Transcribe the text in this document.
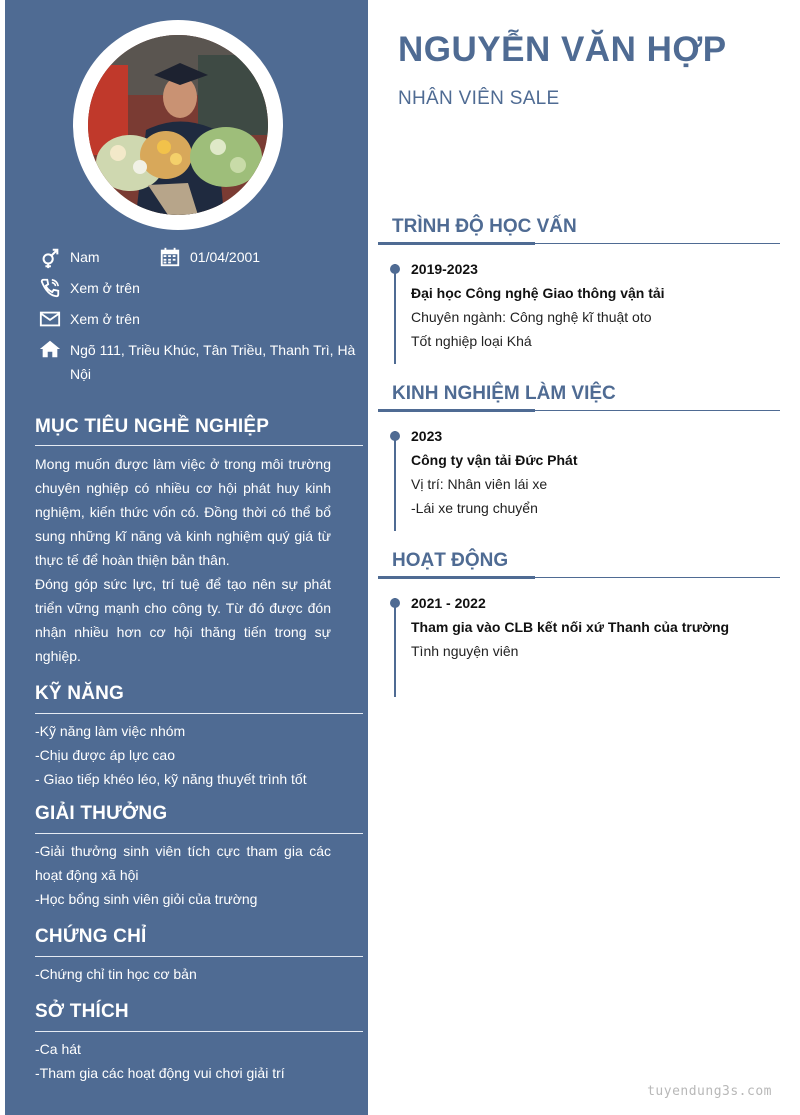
Nam	01/04/2001
Xem ở trên
Xem ở trên
Ngõ 111, Triều Khúc, Tân Triều, Thanh Trì, Hà
Nội
MỤC TIÊU NGHỀ NGHIỆP
Mong muốn được làm việc ở trong môi trường
chuyên nghiệp có nhiều cơ hội phát huy kinh
nghiệm, kiến thức vốn có. Đồng thời có thể bổ
sung những kĩ năng và kinh nghiệm quý giá từ
thực tế để hoàn thiện bản thân.
Đóng góp sức lực, trí tuệ để tạo nên sự phát
triển vững mạnh cho công ty. Từ đó được đón
nhận nhiều hơn cơ hội thăng tiến trong sự
nghiệp.
KỸ NĂNG
-Kỹ năng làm việc nhóm
-Chịu được áp lực cao
- Giao tiếp khéo léo, kỹ năng thuyết trình tốt
GIẢI THƯỞNG
-Giải thưởng sinh viên tích cực tham gia các
hoạt động xã hội
-Học bổng sinh viên giỏi của trường
CHỨNG CHỈ
-Chứng chỉ tin học cơ bản
SỞ THÍCH
-Ca hát
-Tham gia các hoạt động vui chơi giải trí
NGUYỄN VĂN HỢP
NHÂN VIÊN SALE
TRÌNH ĐỘ HỌC VẤN
2019-2023
Đại học Công nghệ Giao thông vận tải
Chuyên ngành: Công nghệ kĩ thuật oto
Tốt nghiệp loại Khá
KINH NGHIỆM LÀM VIỆC
2023
Công ty vận tải Đức Phát
Vị trí: Nhân viên lái xe
-Lái xe trung chuyển
HOẠT ĐỘNG
2021 - 2022
Tham gia vào CLB kết nối xứ Thanh của trường
Tình nguyện viên
tuyendung3s.com
